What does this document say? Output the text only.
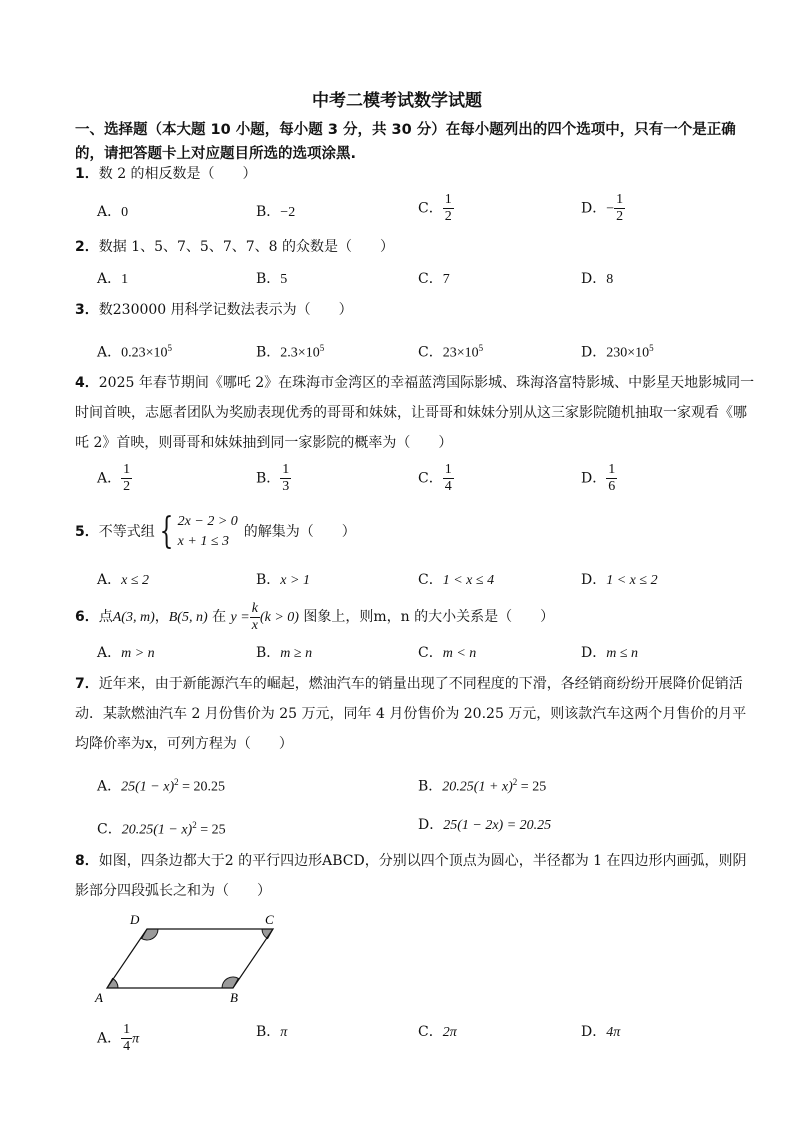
中考二模考试数学试题
一、选择题（本大题 10 小题，每小题 3 分，共 30 分）在每小题列出的四个选项中，只有一个是正确的，请把答题卡上对应题目所选的选项涂黑.
1．数 2 的相反数是（　　）
A．0	B．−2	C． $\frac{1}{2}$	D．− $\frac{1}{2}$
2．数据 1、5、7、5、7、7、8 的众数是（　　）
A．1	B．5	C．7	D．8
3．数230000 用科学记数法表示为（　　）
A．$0.23\times 10^5$	B．$2.3\times 10^5$	C．$23\times 10^5$	D．$230\times 10^5$
4．2025 年春节期间《哪吒 2》在珠海市金湾区的幸福蓝湾国际影城、珠海洛富特影城、中影星天地影城同一时间首映，志愿者团队为奖励表现优秀的哥哥和妹妹，让哥哥和妹妹分别从这三家影院随机抽取一家观看《哪吒 2》首映，则哥哥和妹妹抽到同一家影院的概率为（　　）
A． $\frac{1}{2}$	B． $\frac{1}{3}$	C． $\frac{1}{4}$	D． $\frac{1}{6}$
5．不等式组 { 2x − 2 > 0
x + 1 ≤ 3
的解集为（　　）
A．x ≤ 2	B．x > 1	C．1 < x ≤ 4	D．1 < x ≤ 2
6．点A(3, m)，B(5, n) 在 $y = \frac{k}{x} (k > 0)$ 图象上，则m，n 的大小关系是（　　）
A．m > n	B．m ≥ n	C．m < n	D．m ≤ n
7．近年来，由于新能源汽车的崛起，燃油汽车的销量出现了不同程度的下滑，各经销商纷纷开展降价促销活动．某款燃油汽车 2 月份售价为 25 万元，同年 4 月份售价为 20.25 万元，则该款汽车这两个月售价的月平均降价率为x，可列方程为（　　）
A．$25(1 - x)^2 = 20.25$	B．$20.25(1 + x)^2 = 25$
C．$20.25(1 - x)^2 = 25$	D．25(1 − 2x) = 20.25
8．如图，四条边都大于2 的平行四边形ABCD，分别以四个顶点为圆心，半径都为 1 在四边形内画弧，则阴影部分四段弧长之和为（　　）
A	B
C
D
A． $\frac{1}{4}$ π	B．π	C．2π	D．4π
